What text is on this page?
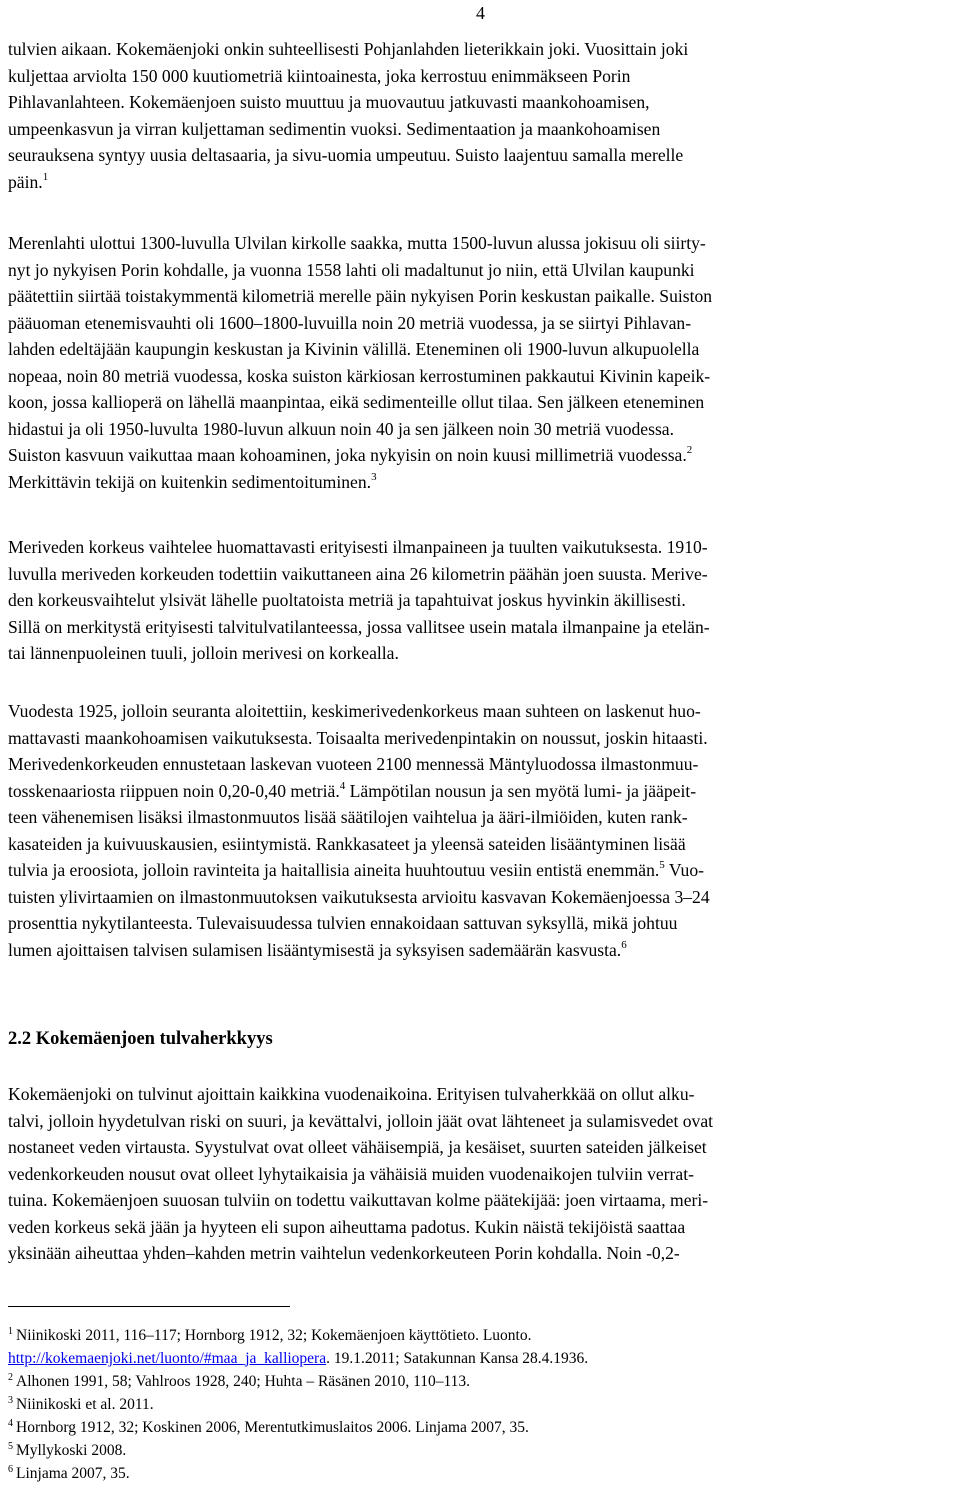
4
tulvien aikaan. Kokemäenjoki onkin suhteellisesti Pohjanlahden lieterikkain joki. Vuosittain joki
kuljettaa arviolta 150 000 kuutiometriä kiintoainesta, joka kerrostuu enimmäkseen Porin
Pihlavanlahteen. Kokemäenjoen suisto muuttuu ja muovautuu jatkuvasti maankohoamisen,
umpeenkasvun ja virran kuljettaman sedimentin vuoksi. Sedimentaation ja maankohoamisen
seurauksena syntyy uusia deltasaaria, ja sivu-uomia umpeutuu. Suisto laajentuu samalla merelle
päin.$^1$
Merenlahti ulottui 1300-luvulla Ulvilan kirkolle saakka, mutta 1500-luvun alussa jokisuu oli siirty-
nyt jo nykyisen Porin kohdalle, ja vuonna 1558 lahti oli madaltunut jo niin, että Ulvilan kaupunki
päätettiin siirtää toistakymmentä kilometriä merelle päin nykyisen Porin keskustan paikalle. Suiston
pääuoman etenemisvauhti oli 1600–1800-luvuilla noin 20 metriä vuodessa, ja se siirtyi Pihlavan-
lahden edeltäjään kaupungin keskustan ja Kivinin välillä. Eteneminen oli 1900-luvun alkupuolella
nopeaa, noin 80 metriä vuodessa, koska suiston kärkiosan kerrostuminen pakkautui Kivinin kapeik-
koon, jossa kallioperä on lähellä maanpintaa, eikä sedimenteille ollut tilaa. Sen jälkeen eteneminen
hidastui ja oli 1950-luvulta 1980-luvun alkuun noin 40 ja sen jälkeen noin 30 metriä vuodessa.
Suiston kasvuun vaikuttaa maan kohoaminen, joka nykyisin on noin kuusi millimetriä vuodessa.$^2$
Merkittävin tekijä on kuitenkin sedimentoituminen.$^3$
Meriveden korkeus vaihtelee huomattavasti erityisesti ilmanpaineen ja tuulten vaikutuksesta. 1910-
luvulla meriveden korkeuden todettiin vaikuttaneen aina 26 kilometrin päähän joen suusta. Merive-
den korkeusvaihtelut ylsivät lähelle puoltatoista metriä ja tapahtuivat joskus hyvinkin äkillisesti.
Sillä on merkitystä erityisesti talvitulvatilanteessa, jossa vallitsee usein matala ilmanpaine ja etelän-
tai lännenpuoleinen tuuli, jolloin merivesi on korkealla.
Vuodesta 1925, jolloin seuranta aloitettiin, keskimerivedenkorkeus maan suhteen on laskenut huo-
mattavasti maankohoamisen vaikutuksesta. Toisaalta merivedenpintakin on noussut, joskin hitaasti.
Merivedenkorkeuden ennustetaan laskevan vuoteen 2100 mennessä Mäntyluodossa ilmastonmuu-
tosskenaariosta riippuen noin 0,20-0,40 metriä.$^4$ Lämpötilan nousun ja sen myötä lumi- ja jääpeit-
teen vähenemisen lisäksi ilmastonmuutos lisää säätilojen vaihtelua ja ääri-ilmiöiden, kuten rank-
kasateiden ja kuivuuskausien, esiintymistä. Rankkasateet ja yleensä sateiden lisääntyminen lisää
tulvia ja eroosiota, jolloin ravinteita ja haitallisia aineita huuhtoutuu vesiin entistä enemmän.$^5$ Vuo-
tuisten ylivirtaamien on ilmastonmuutoksen vaikutuksesta arvioitu kasvavan Kokemäenjoessa 3–24
prosenttia nykytilanteesta. Tulevaisuudessa tulvien ennakoidaan sattuvan syksyllä, mikä johtuu
lumen ajoittaisen talvisen sulamisen lisääntymisestä ja syksyisen sademäärän kasvusta.$^6$
2.2 Kokemäenjoen tulvaherkkyys
Kokemäenjoki on tulvinut ajoittain kaikkina vuodenaikoina. Erityisen tulvaherkkää on ollut alku-
talvi, jolloin hyydetulvan riski on suuri, ja kevättalvi, jolloin jäät ovat lähteneet ja sulamisvedet ovat
nostaneet veden virtausta. Syystulvat ovat olleet vähäisempiä, ja kesäiset, suurten sateiden jälkeiset
vedenkorkeuden nousut ovat olleet lyhytaikaisia ja vähäisiä muiden vuodenaikojen tulviin verrat-
tuina. Kokemäenjoen suuosan tulviin on todettu vaikuttavan kolme päätekijää: joen virtaama, meri-
veden korkeus sekä jään ja hyyteen eli supon aiheuttama padotus. Kukin näistä tekijöistä saattaa
yksinään aiheuttaa yhden–kahden metrin vaihtelun vedenkorkeuteen Porin kohdalla. Noin -0,2-
$^1$ Niinikoski 2011, 116–117; Hornborg 1912, 32; Kokemäenjoen käyttötieto. Luonto.
http://kokemaenjoki.net/luonto/#maa_ja_kalliopera. 19.1.2011; Satakunnan Kansa 28.4.1936.
$^2$ Alhonen 1991, 58; Vahlroos 1928, 240; Huhta – Räsänen 2010, 110–113.
$^3$ Niinikoski et al. 2011.
$^4$ Hornborg 1912, 32; Koskinen 2006, Merentutkimuslaitos 2006. Linjama 2007, 35.
$^5$ Myllykoski 2008.
$^6$ Linjama 2007, 35.
